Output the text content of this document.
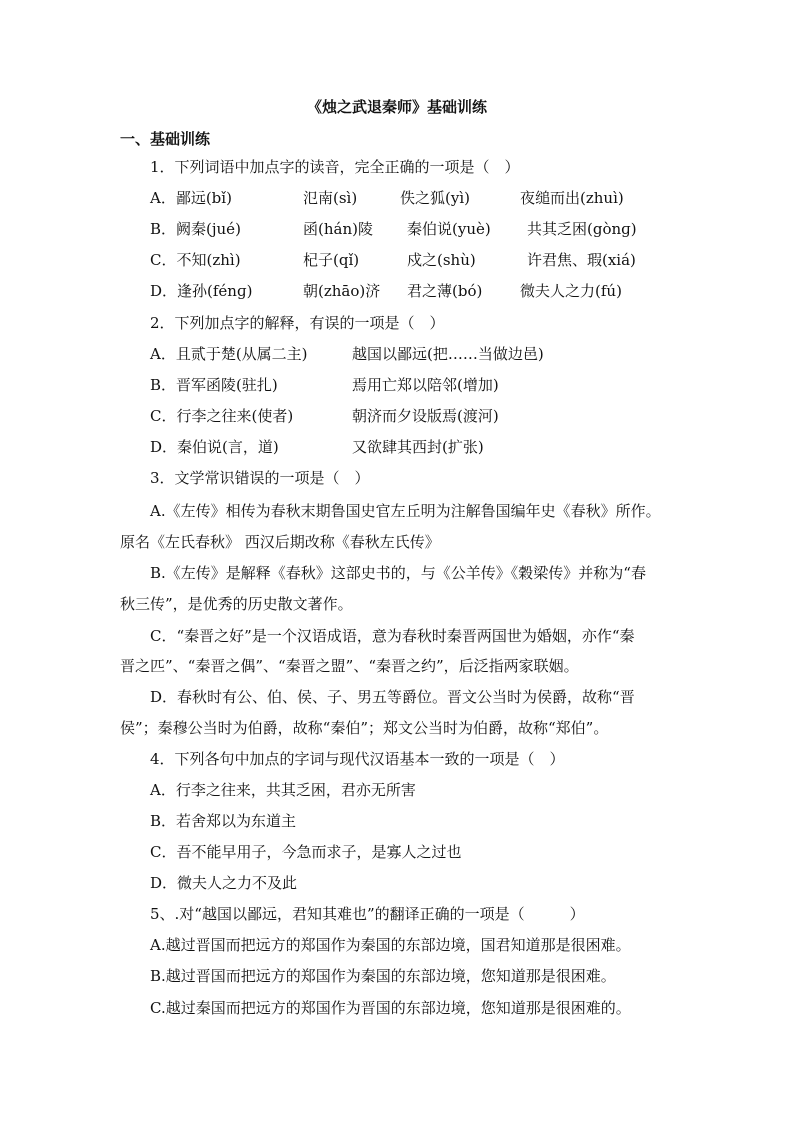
《烛之武退秦师》基础训练
一、基础训练
1．下列词语中加点字的读音，完全正确的一项是（　）
A．鄙远(bǐ)	氾南(sì)	佚之狐(yì)	夜缒而出(zhuì)
B．阙秦(jué)	函(hán)陵 秦伯说(yuè) 共其乏困(gònɡ)
C．不知(zhì)	杞子(qǐ)	戍之(shù)	许君焦、瑕(xiá)
D．逢孙(fénɡ)	朝(zhāo)济 君之薄(bó)	微夫人之力(fú)
2．下列加点字的解释，有误的一项是（　）
A．且贰于楚(从属二主)	越国以鄙远(把……当做边邑)
B．晋军函陵(驻扎)	焉用亡郑以陪邻(增加)
C．行李之往来(使者)	朝济而夕设版焉(渡河)
D．秦伯说(言，道)	又欲肆其西封(扩张)
3．文学常识错误的一项是（　）
A.《左传》相传为春秋末期鲁国史官左丘明为注解鲁国编年史《春秋》所作。
原名《左氏春秋》 西汉后期改称《春秋左氏传》
B.《左传》是解释《春秋》这部史书的，与《公羊传》《穀梁传》并称为“春
秋三传”，是优秀的历史散文著作。
C．“秦晋之好”是一个汉语成语，意为春秋时秦晋两国世为婚姻，亦作“秦
晋之匹”、“秦晋之偶”、“秦晋之盟”、“秦晋之约”，后泛指两家联姻。
D．春秋时有公、伯、侯、子、男五等爵位。晋文公当时为侯爵，故称“晋
侯”；秦穆公当时为伯爵，故称“秦伯”；郑文公当时为伯爵，故称“郑伯”。
4．下列各句中加点的字词与现代汉语基本一致的一项是（　）
A．行李之往来，共其乏困，君亦无所害
B．若舍郑以为东道主
C．吾不能早用子，今急而求子，是寡人之过也
D．微夫人之力不及此
5、.对“越国以鄙远，君知其难也”的翻译正确的一项是（　　　）
A.越过晋国而把远方的郑国作为秦国的东部边境，国君知道那是很困难。
B.越过晋国而把远方的郑国作为秦国的东部边境，您知道那是很困难。
C.越过秦国而把远方的郑国作为晋国的东部边境，您知道那是很困难的。
